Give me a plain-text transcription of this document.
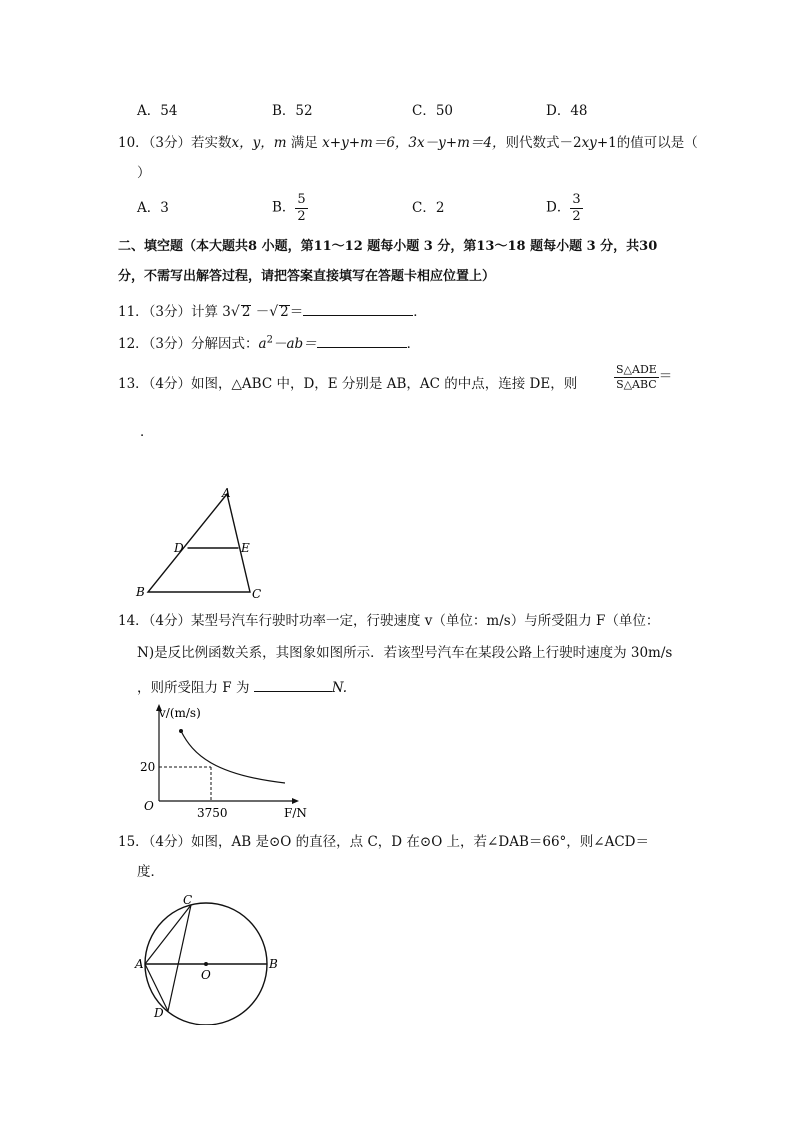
A．54	B．52	C．50	D．48
10．（3分）若实数x，y，m 满足 x+y+m＝6，3x－y+m＝4，则代数式－2xy+1的值可以是（
）
A．3	B． $\frac{5}{2}$	C．2	D． $\frac{3}{2}$
二、填空题（本大题共8 小题，第11～12 题每小题 3 分，第13～18 题每小题 3 分，共30
分，不需写出解答过程，请把答案直接填写在答题卡相应位置上）
11．（3分）计算 3√ 2 －√ 2＝	．
12．（3分）分解因式：$a^2-ab=$	．
13．（4分）如图，△ABC 中，D，E 分别是 AB，AC 的中点，连接 DE，则	$\frac{\text{S△ADE}}{\text{S△ABC}}$ ＝
．
A
B	C
D	E
14．（4分）某型号汽车行驶时功率一定，行驶速度 v（单位：m/s）与所受阻力 F（单位：
N)是反比例函数关系，其图象如图所示．若该型号汽车在某段公路上行驶时速度为 30m/s
，则所受阻力 F 为	N.
v/(m/s)
F/N
O
20
3750
15．（4分）如图，AB 是⊙O 的直径，点 C，D 在⊙O 上，若∠DAB＝66°，则∠ACD＝
度．
A	B
C
D
O
